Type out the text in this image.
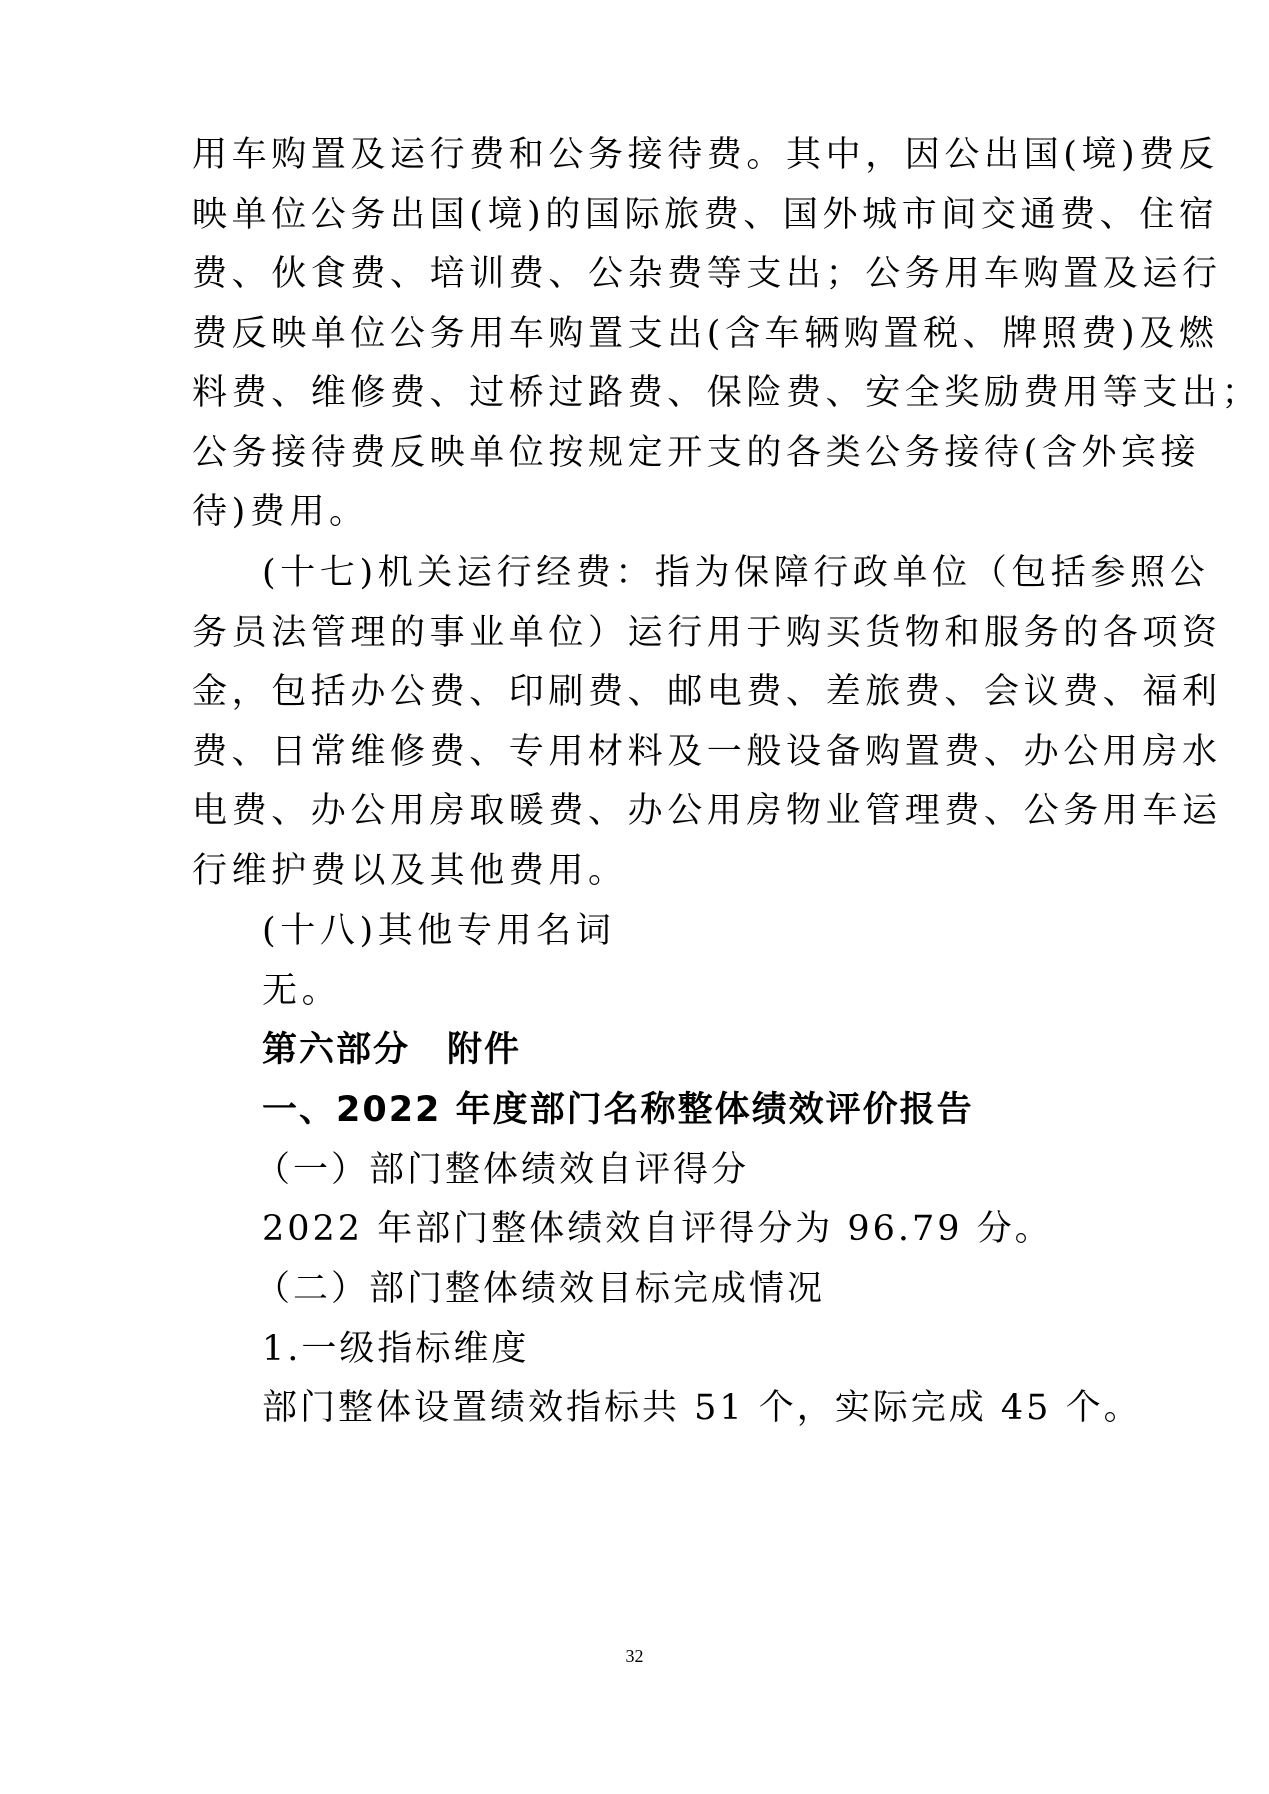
用车购置及运行费和公务接待费。其中，因公出国(境)费反
映单位公务出国(境)的国际旅费、国外城市间交通费、住宿
费、伙食费、培训费、公杂费等支出；公务用车购置及运行
费反映单位公务用车购置支出(含车辆购置税、牌照费)及燃
料费、维修费、过桥过路费、保险费、安全奖励费用等支出；
公务接待费反映单位按规定开支的各类公务接待(含外宾接
待)费用。
(十七)机关运行经费：指为保障行政单位（包括参照公
务员法管理的事业单位）运行用于购买货物和服务的各项资
金，包括办公费、印刷费、邮电费、差旅费、会议费、福利
费、日常维修费、专用材料及一般设备购置费、办公用房水
电费、办公用房取暖费、办公用房物业管理费、公务用车运
行维护费以及其他费用。
(十八)其他专用名词
无。
第六部分　附件
一、2022 年度部门名称整体绩效评价报告
（一）部门整体绩效自评得分
2022 年部门整体绩效自评得分为 96.79 分。
（二）部门整体绩效目标完成情况
1.一级指标维度
部门整体设置绩效指标共 51 个，实际完成 45 个。
32
